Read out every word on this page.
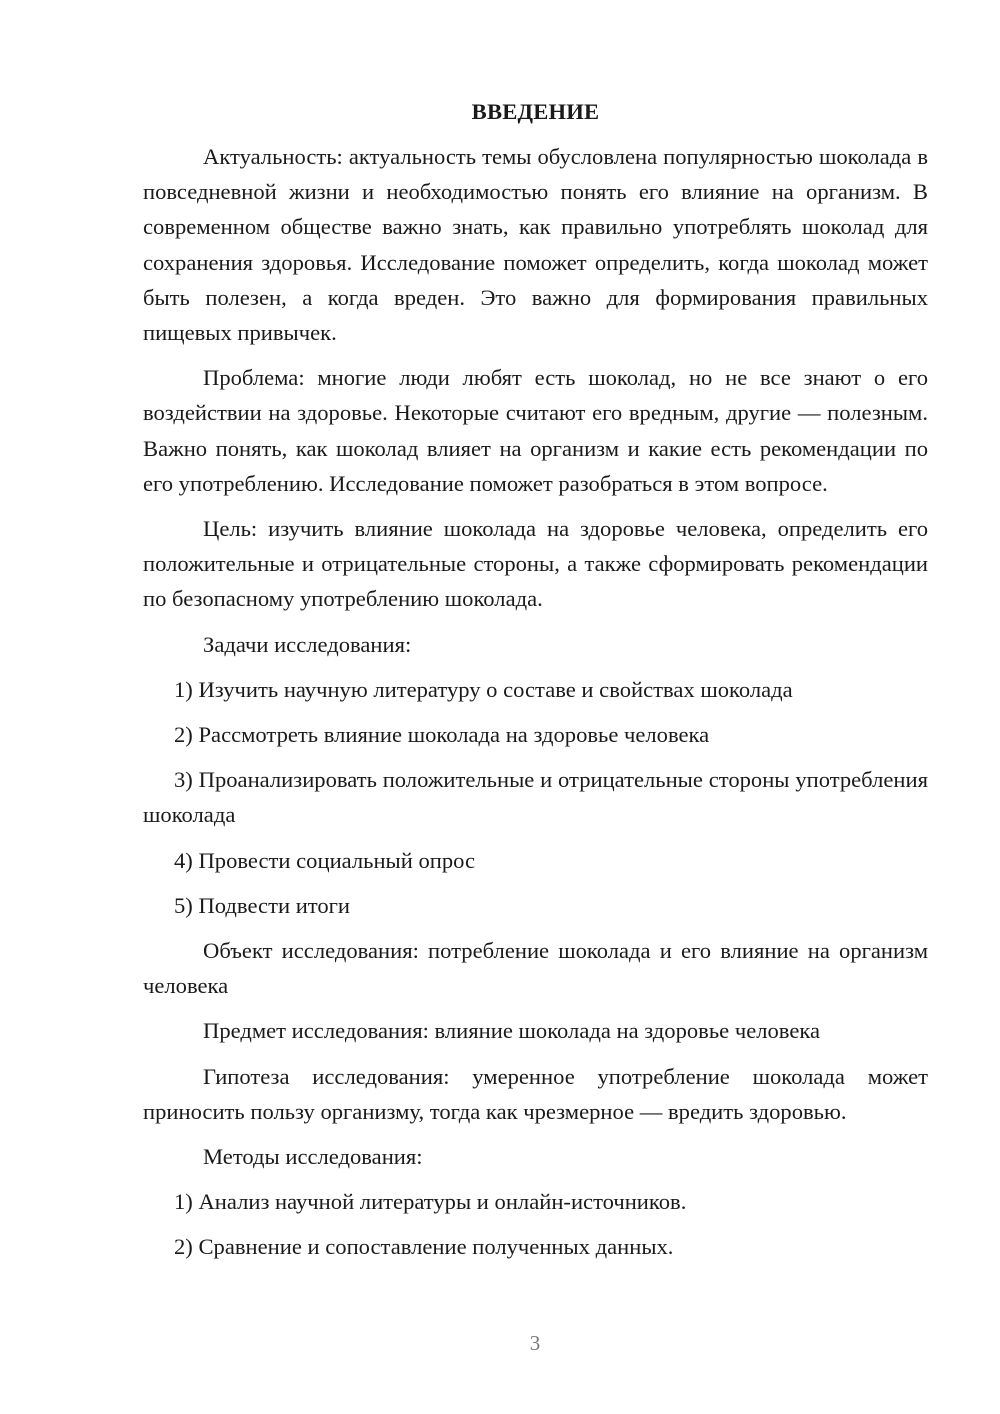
ВВЕДЕНИЕ

Актуальность: актуальность темы обусловлена популярностью шоколада в повседневной жизни и необходимостью понять его влияние на организм. В современном обществе важно знать, как правильно употреблять шоколад для сохранения здоровья. Исследование поможет определить, когда шоколад может быть полезен, а когда вреден. Это важно для формирования правильных пищевых привычек.

Проблема: многие люди любят есть шоколад, но не все знают о его воздействии на здоровье. Некоторые считают его вредным, другие — полезным. Важно понять, как шоколад влияет на организм и какие есть рекомендации по его употреблению. Исследование поможет разобраться в этом вопросе.

Цель: изучить влияние шоколада на здоровье человека, определить его положительные и отрицательные стороны, а также сформировать рекомендации по безопасному употреблению шоколада.

Задачи исследования:

1) Изучить научную литературу о составе и свойствах шоколада

2) Рассмотреть влияние шоколада на здоровье человека

3) Проанализировать положительные и отрицательные стороны употребления шоколада

4) Провести социальный опрос

5) Подвести итоги

Объект исследования: потребление шоколада и его влияние на организм человека

Предмет исследования: влияние шоколада на здоровье человека

Гипотеза исследования: умеренное употребление шоколада может приносить пользу организму, тогда как чрезмерное — вредить здоровью.

Методы исследования:

1) Анализ научной литературы и онлайн-источников.

2) Сравнение и сопоставление полученных данных.

3
